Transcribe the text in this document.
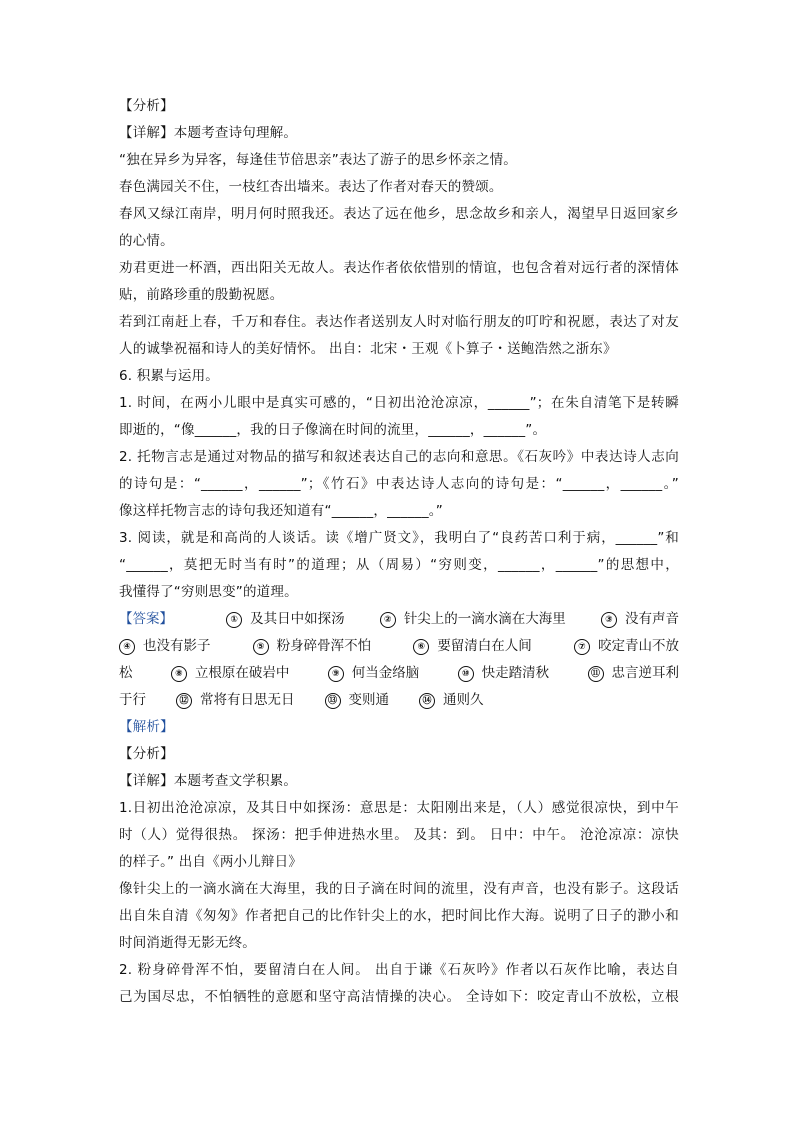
【分析】
【详解】本题考查诗句理解。
“独在异乡为异客，每逢佳节倍思亲”表达了游子的思乡怀亲之情。
春色满园关不住，一枝红杏出墙来。表达了作者对春天的赞颂。
春风又绿江南岸，明月何时照我还。表达了远在他乡，思念故乡和亲人，渴望早日返回家乡
的心情。
劝君更进一杯酒，西出阳关无故人。表达作者依依惜别的情谊，也包含着对远行者的深情体
贴，前路珍重的殷勤祝愿。
若到江南赶上春，千万和春住。表达作者送别友人时对临行朋友的叮咛和祝愿，表达了对友
人的诚挚祝福和诗人的美好情怀。 出自：北宋・王观《卜算子・送鲍浩然之浙东》
6. 积累与运用。
1. 时间，在两小儿眼中是真实可感的，“日初出沧沧凉凉，______”；在朱自清笔下是转瞬
即逝的，“像______，我的日子像滴在时间的流里，______，______”。
2. 托物言志是通过对物品的描写和叙述表达自己的志向和意思。《石灰吟》中表达诗人志向
的诗句是：“______，______”；《竹石》中表达诗人志向的诗句是：“______，______。”
像这样托物言志的诗句我还知道有“______，______。”
3. 阅读，就是和高尚的人谈话。读《增广贤文》，我明白了“良药苦口利于病，______”和
“______，莫把无时当有时”的道理；从（周易）“穷则变，______，______”的思想中，
我懂得了“穷则思变”的道理。
【答案】	① 及其日中如探汤	② 针尖上的一滴水滴在大海里	③ 没有声音
④ 也没有影子	⑤ 粉身碎骨浑不怕	⑥ 要留清白在人间	⑦ 咬定青山不放
松	⑧ 立根原在破岩中	⑨ 何当金络脑	⑩ 快走踏清秋	⑪ 忠言逆耳利
于行	⑫ 常将有日思无日	⑬ 变则通	⑭ 通则久
【解析】
【分析】
【详解】本题考查文学积累。
1.日初出沧沧凉凉，及其日中如探汤：意思是：太阳刚出来是，（人）感觉很凉快，到中午
时（人）觉得很热。 探汤：把手伸进热水里。 及其：到。 日中：中午。 沧沧凉凉：凉快
的样子。” 出自《两小儿辩日》
像针尖上的一滴水滴在大海里，我的日子滴在时间的流里，没有声音，也没有影子。这段话
出自朱自清《匆匆》作者把自己的比作针尖上的水，把时间比作大海。说明了日子的渺小和
时间消逝得无影无终。
2. 粉身碎骨浑不怕，要留清白在人间。 出自于谦《石灰吟》作者以石灰作比喻，表达自
己为国尽忠，不怕牺牲的意愿和坚守高洁情操的决心。 全诗如下：咬定青山不放松，立根
